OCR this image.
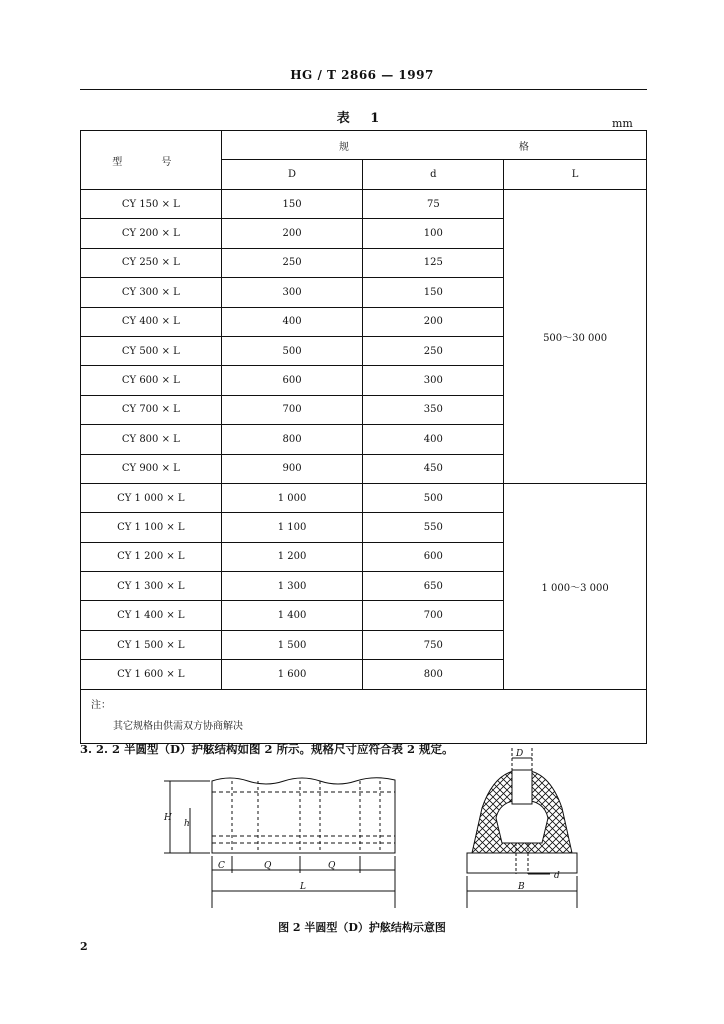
HG / T 2866 — 1997
表 1	mm
型 号	规 格		
	D	d	L
CY 150 × L	150	75	500～30 000
CY 200 × L	200	100	
CY 250 × L	250	125	
CY 300 × L	300	150	
CY 400 × L	400	200	
CY 500 × L	500	250	
CY 600 × L	600	300	
CY 700 × L	700	350	
CY 800 × L	800	400	
CY 900 × L	900	450	
CY 1 000 × L	1 000	500	1 000～3 000
CY 1 100 × L	1 100	550	
CY 1 200 × L	1 200	600	
CY 1 300 × L	1 300	650	
CY 1 400 × L	1 400	700	
CY 1 500 × L	1 500	750	
CY 1 600 × L	1 600	800	

注：
其它规格由供需双方协商解决			
3. 2. 2 半圆型（D）护舷结构如图 2 所示。规格尺寸应符合表 2 规定。
H
h
C	Q	Q
L
D
d
B
图 2 半圆型（D）护舷结构示意图
2
